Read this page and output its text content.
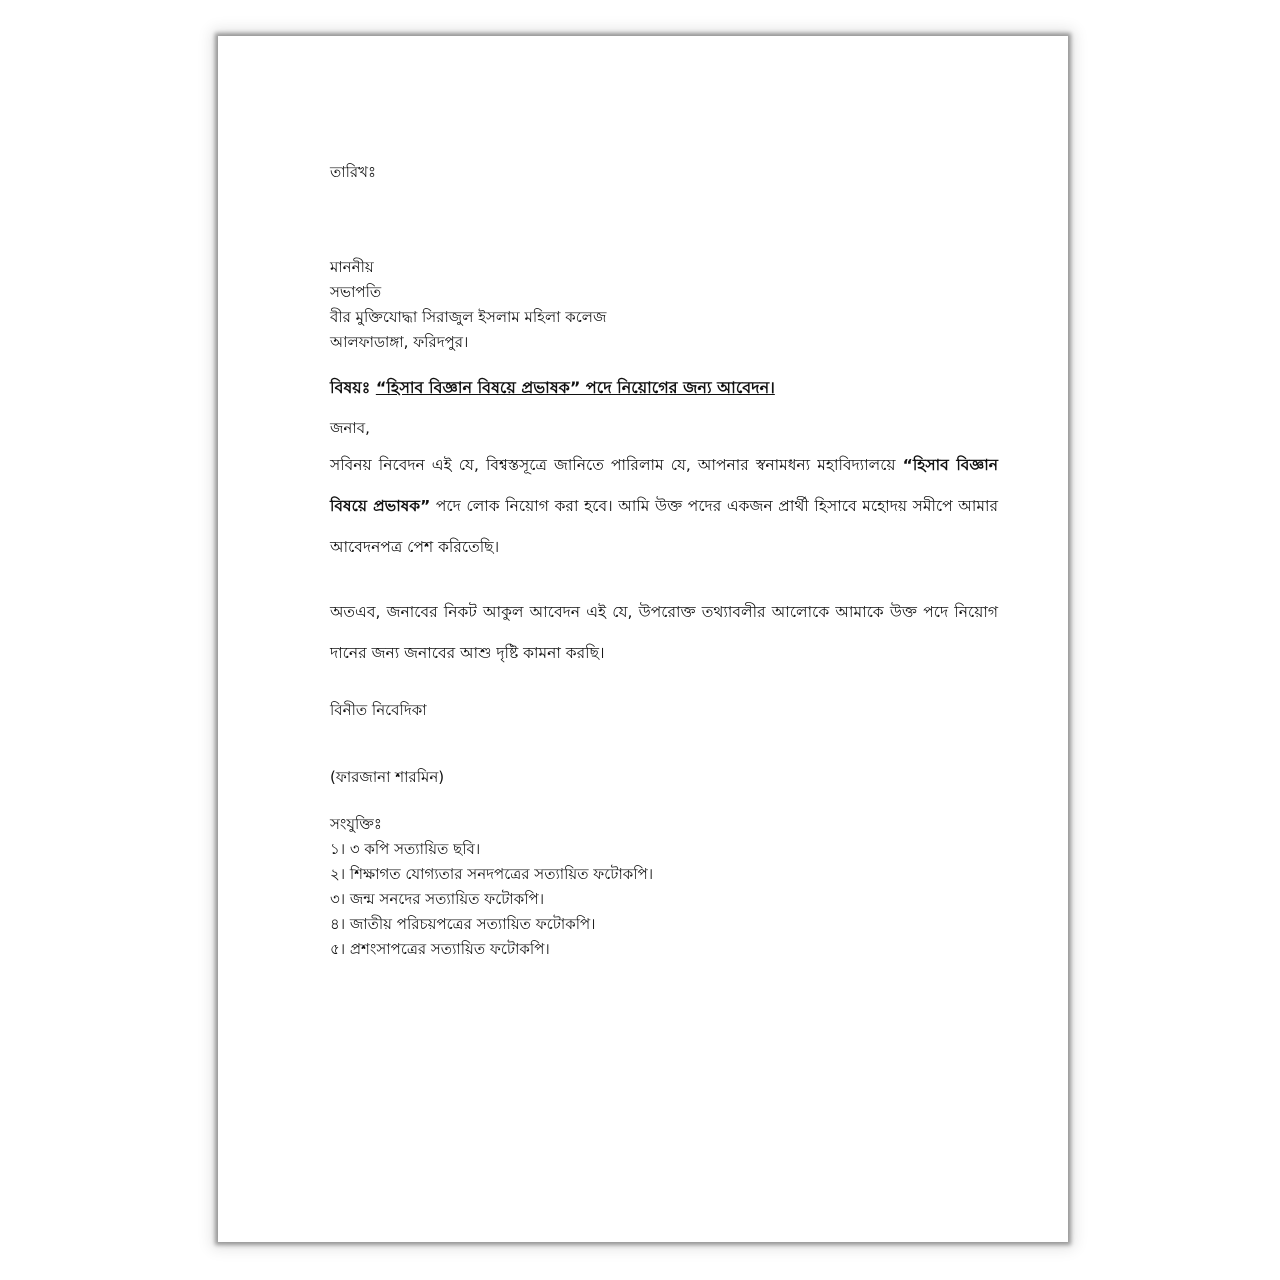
তারিখঃ
মাননীয়
সভাপতি
বীর মুক্তিযোদ্ধা সিরাজুল ইসলাম মহিলা কলেজ
আলফাডাঙ্গা, ফরিদপুর।
বিষয়ঃ “হিসাব বিজ্ঞান বিষয়ে প্রভাষক” পদে নিয়োগের জন্য আবেদন।
জনাব,

সবিনয় নিবেদন এই যে, বিশ্বস্তসূত্রে জানিতে পারিলাম যে, আপনার স্বনামধন্য মহাবিদ্যালয়ে “হিসাব বিজ্ঞান বিষয়ে প্রভাষক” পদে লোক নিয়োগ করা হবে। আমি উক্ত পদের একজন প্রার্থী হিসাবে মহোদয় সমীপে আমার আবেদনপত্র পেশ করিতেছি।

অতএব, জনাবের নিকট আকুল আবেদন এই যে, উপরোক্ত তথ্যাবলীর আলোকে আমাকে উক্ত পদে নিয়োগ দানের জন্য জনাবের আশু দৃষ্টি কামনা করছি।

বিনীত নিবেদিকা
(ফারজানা শারমিন)
সংযুক্তিঃ
১। ৩ কপি সত্যায়িত ছবি।
২। শিক্ষাগত যোগ্যতার সনদপত্রের সত্যায়িত ফটোকপি।
৩। জন্ম সনদের সত্যায়িত ফটোকপি।
৪। জাতীয় পরিচয়পত্রের সত্যায়িত ফটোকপি।
৫। প্রশংসাপত্রের সত্যায়িত ফটোকপি।
